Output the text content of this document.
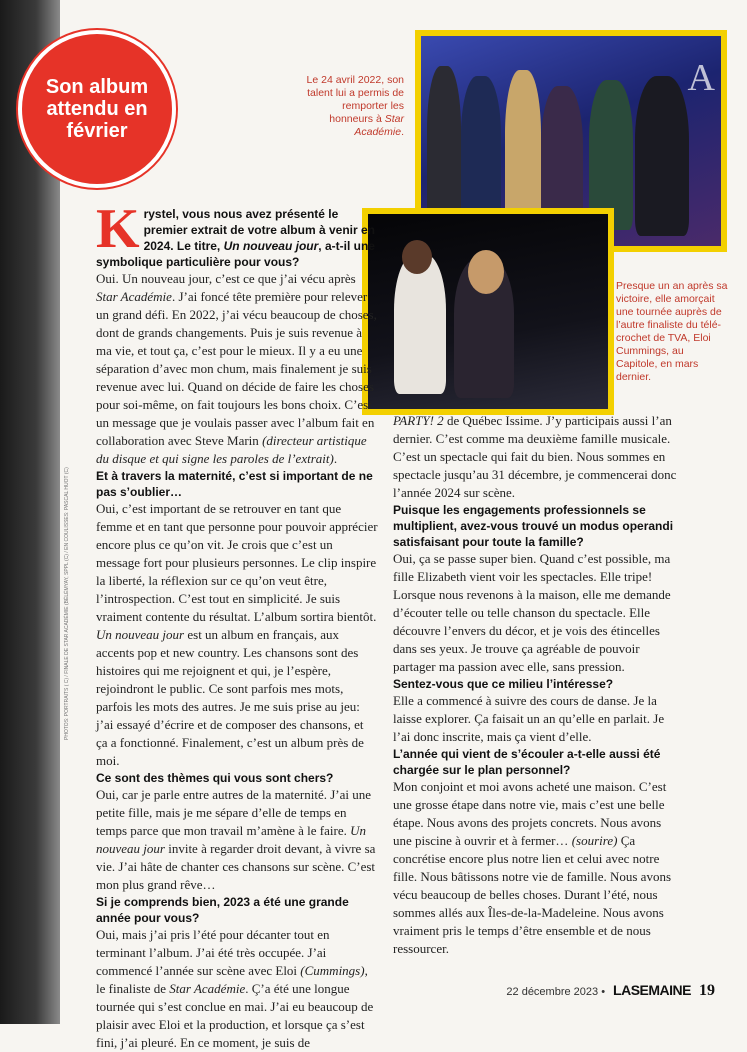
Son album attendu en février
A
Le 24 avril 2022, son talent lui a permis de remporter les honneurs à Star Académie.
Presque un an après sa victoire, elle amorçait une tournée auprès de l’autre finaliste du télé-crochet de TVA, Eloi Cummings, au Capitole, en mars dernier.
PHOTOS: PORTRAITS ( C) / FINALE DE STAR ACADÉMIE (BÉLÉMYAY, SPPL (C) / EN COULISSES: PASCAL HUOT (C)

Krystel, vous nous avez présenté le premier extrait de votre album à venir en 2024. Le titre, Un nouveau jour, a-t-il une symbolique particulière pour vous?

Oui. Un nouveau jour, c’est ce que j’ai vécu après Star Académie. J’ai foncé tête première pour relever un grand défi. En 2022, j’ai vécu beaucoup de choses, dont de grands changements. Puis je suis revenue à ma vie, et tout ça, c’est pour le mieux. Il y a eu une séparation d’avec mon chum, mais finalement je suis revenue avec lui. Quand on décide de faire les choses pour soi-même, on fait toujours les bons choix. C’est un message que je voulais passer avec l’album fait en collaboration avec Steve Marin (directeur artistique du disque et qui signe les paroles de l’extrait).

Et à travers la maternité, c’est si important de ne pas s’oublier…

Oui, c’est important de se retrouver en tant que femme et en tant que personne pour pouvoir apprécier encore plus ce qu’on vit. Je crois que c’est un message fort pour plusieurs personnes. Le clip inspire la liberté, la réflexion sur ce qu’on veut être, l’introspection. C’est tout en simplicité. Je suis vraiment contente du résultat. L’album sortira bientôt. Un nouveau jour est un album en français, aux accents pop et new country. Les chansons sont des histoires qui me rejoignent et qui, je l’espère, rejoindront le public. Ce sont parfois mes mots, parfois les mots des autres. Je me suis prise au jeu: j’ai essayé d’écrire et de composer des chansons, et ça a fonctionné. Finalement, c’est un album près de moi.

Ce sont des thèmes qui vous sont chers?

Oui, car je parle entre autres de la maternité. J’ai une petite fille, mais je me sépare d’elle de temps en temps parce que mon travail m’amène à le faire. Un nouveau jour invite à regarder droit devant, à vivre sa vie. J’ai hâte de chanter ces chansons sur scène. C’est mon plus grand rêve…

Si je comprends bien, 2023 a été une grande année pour vous?

Oui, mais j’ai pris l’été pour décanter tout en terminant l’album. J’ai été très occupée. J’ai commencé l’année sur scène avec Eloi (Cummings), le finaliste de Star Académie. Ç’a été une longue tournée qui s’est conclue en mai. J’ai eu beaucoup de plaisir avec Eloi et la production, et lorsque ça s’est fini, j’ai pleuré. En ce moment, je suis de

PARTY! 2 de Québec Issime. J’y participais aussi l’an dernier. C’est comme ma deuxième famille musicale. C’est un spectacle qui fait du bien. Nous sommes en spectacle jusqu’au 31 décembre, je commencerai donc l’année 2024 sur scène.

Puisque les engagements professionnels se multiplient, avez-vous trouvé un modus operandi satisfaisant pour toute la famille?

Oui, ça se passe super bien. Quand c’est possible, ma fille Elizabeth vient voir les spectacles. Elle tripe! Lorsque nous revenons à la maison, elle me demande d’écouter telle ou telle chanson du spectacle. Elle découvre l’envers du décor, et je vois des étincelles dans ses yeux. Je trouve ça agréable de pouvoir partager ma passion avec elle, sans pression.

Sentez-vous que ce milieu l’intéresse?

Elle a commencé à suivre des cours de danse. Je la laisse explorer. Ça faisait un an qu’elle en parlait. Je l’ai donc inscrite, mais ça vient d’elle.

L’année qui vient de s’écouler a-t-elle aussi été chargée sur le plan personnel?

Mon conjoint et moi avons acheté une maison. C’est une grosse étape dans notre vie, mais c’est une belle étape. Nous avons des projets concrets. Nous avons une piscine à ouvrir et à fermer… (sourire) Ça concrétise encore plus notre lien et celui avec notre fille. Nous bâtissons notre vie de famille. Nous avons vécu beaucoup de belles choses. Durant l’été, nous sommes allés aux Îles-de-la-Madeleine. Nous avons vraiment pris le temps d’être ensemble et de nous ressourcer.

22 décembre 2023 • LASEMAINE 19
